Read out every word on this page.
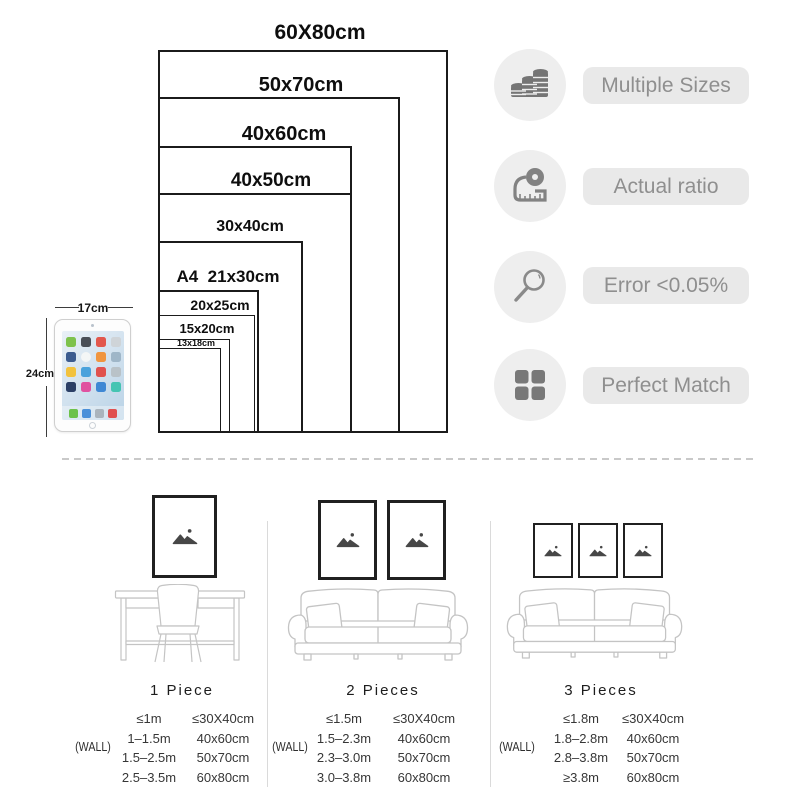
60X80cm
50x70cm
40x60cm
40x50cm
30x40cm
A4  21x30cm
20x25cm
15x20cm
13x18cm
17cm
24cm
Multiple Sizes
Actual ratio
Error <0.05%
Perfect Match
1 Piece	2 Pieces	3 Pieces
(WALL)	(WALL)	(WALL)
≤1m	≤30X40cm
1–1.5m	40x60cm
1.5–2.5m	50x70cm
2.5–3.5m	60x80cm
≤1.5m	≤30X40cm
1.5–2.3m	40x60cm
2.3–3.0m	50x70cm
3.0–3.8m	60x80cm
≤1.8m	≤30X40cm
1.8–2.8m	40x60cm
2.8–3.8m	50x70cm
≥3.8m	60x80cm
